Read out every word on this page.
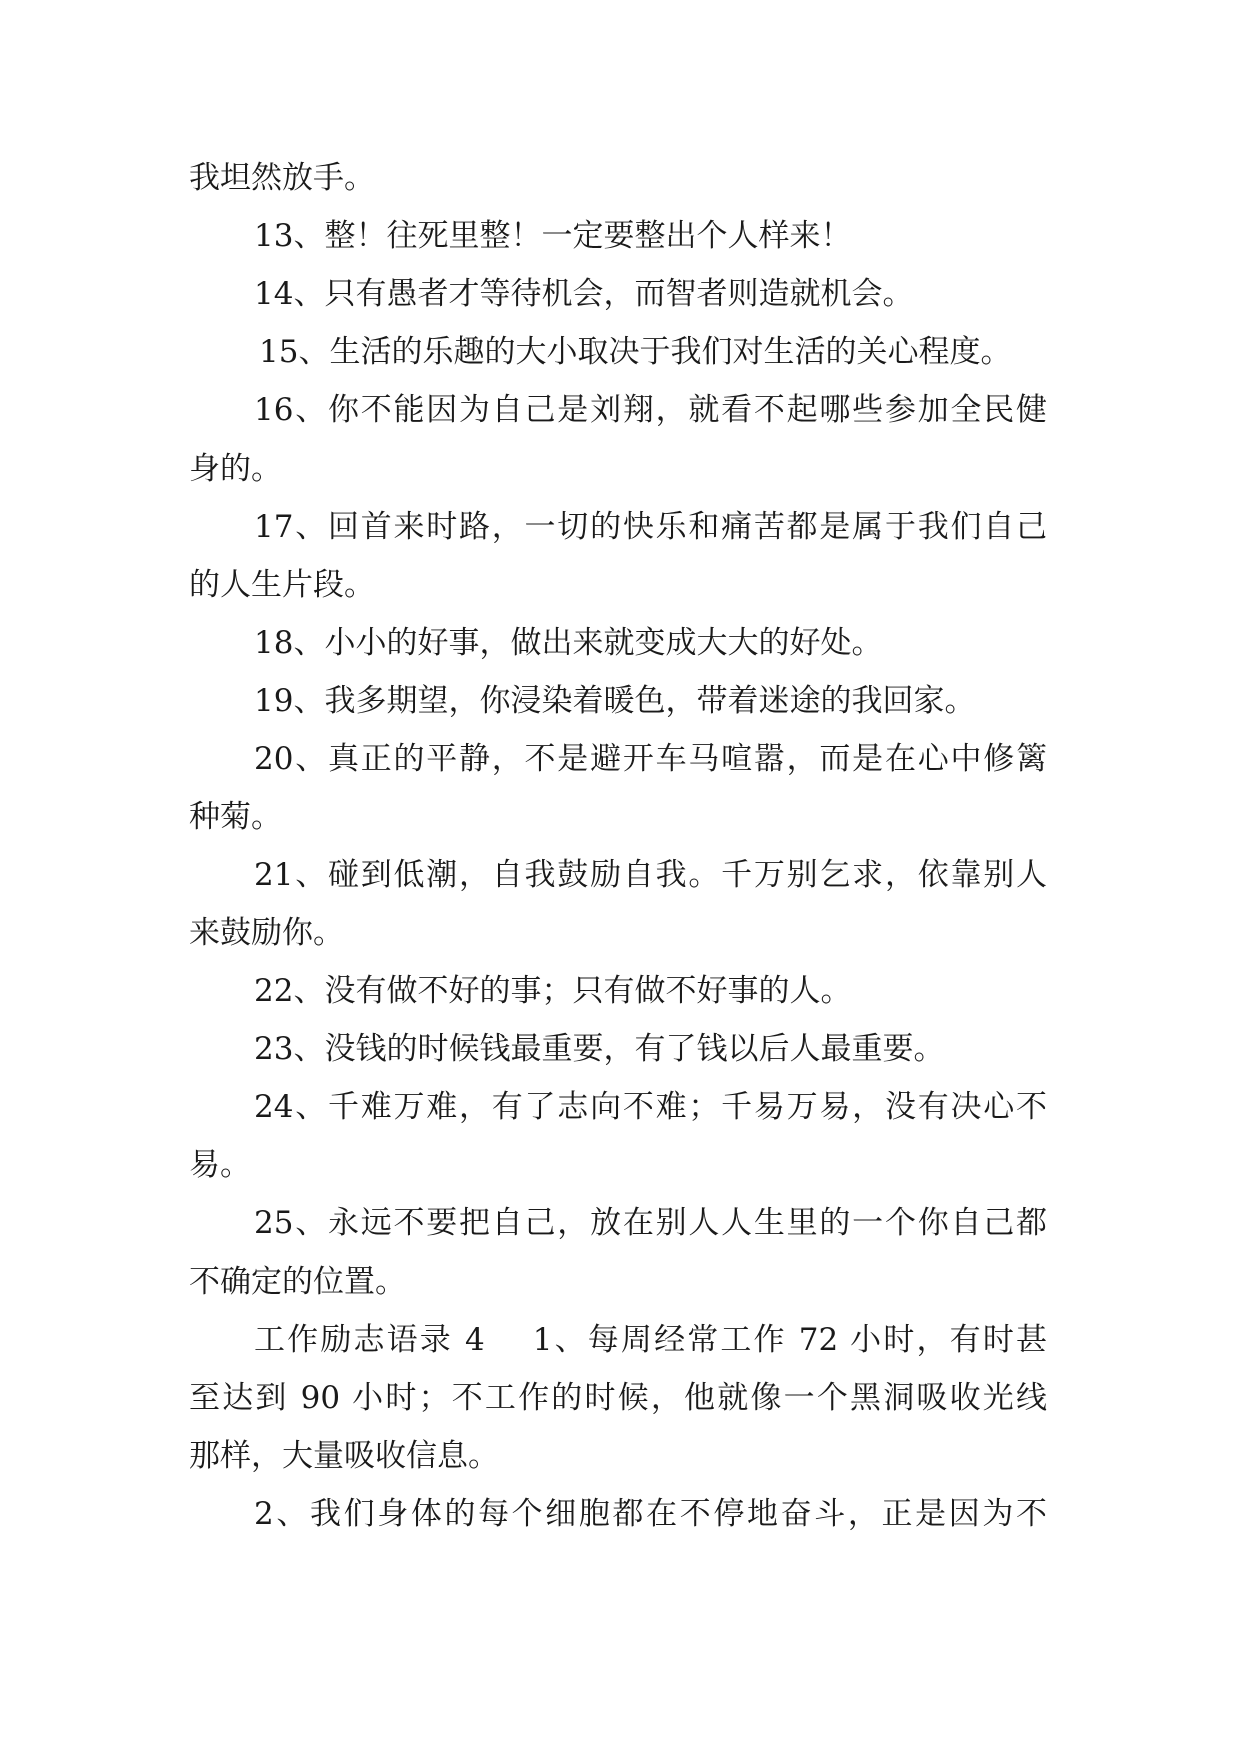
我坦然放手。
13、整！往死里整！一定要整出个人样来！
14、只有愚者才等待机会，而智者则造就机会。
15、生活的乐趣的大小取决于我们对生活的关心程度。
16、你不能因为自己是刘翔，就看不起哪些参加全民健
身的。
17、回首来时路，一切的快乐和痛苦都是属于我们自己
的人生片段。
18、小小的好事，做出来就变成大大的好处。
19、我多期望，你浸染着暖色，带着迷途的我回家。
20、真正的平静，不是避开车马喧嚣，而是在心中修篱
种菊。
21、碰到低潮，自我鼓励自我。千万别乞求，依靠别人
来鼓励你。
22、没有做不好的事；只有做不好事的人。
23、没钱的时候钱最重要，有了钱以后人最重要。
24、千难万难，有了志向不难；千易万易，没有决心不
易。
25、永远不要把自己，放在别人人生里的一个你自己都
不确定的位置。
工作励志语录 4 1、每周经常工作 72 小时，有时甚
至达到 90 小时；不工作的时候，他就像一个黑洞吸收光线
那样，大量吸收信息。
2、我们身体的每个细胞都在不停地奋斗，正是因为不
